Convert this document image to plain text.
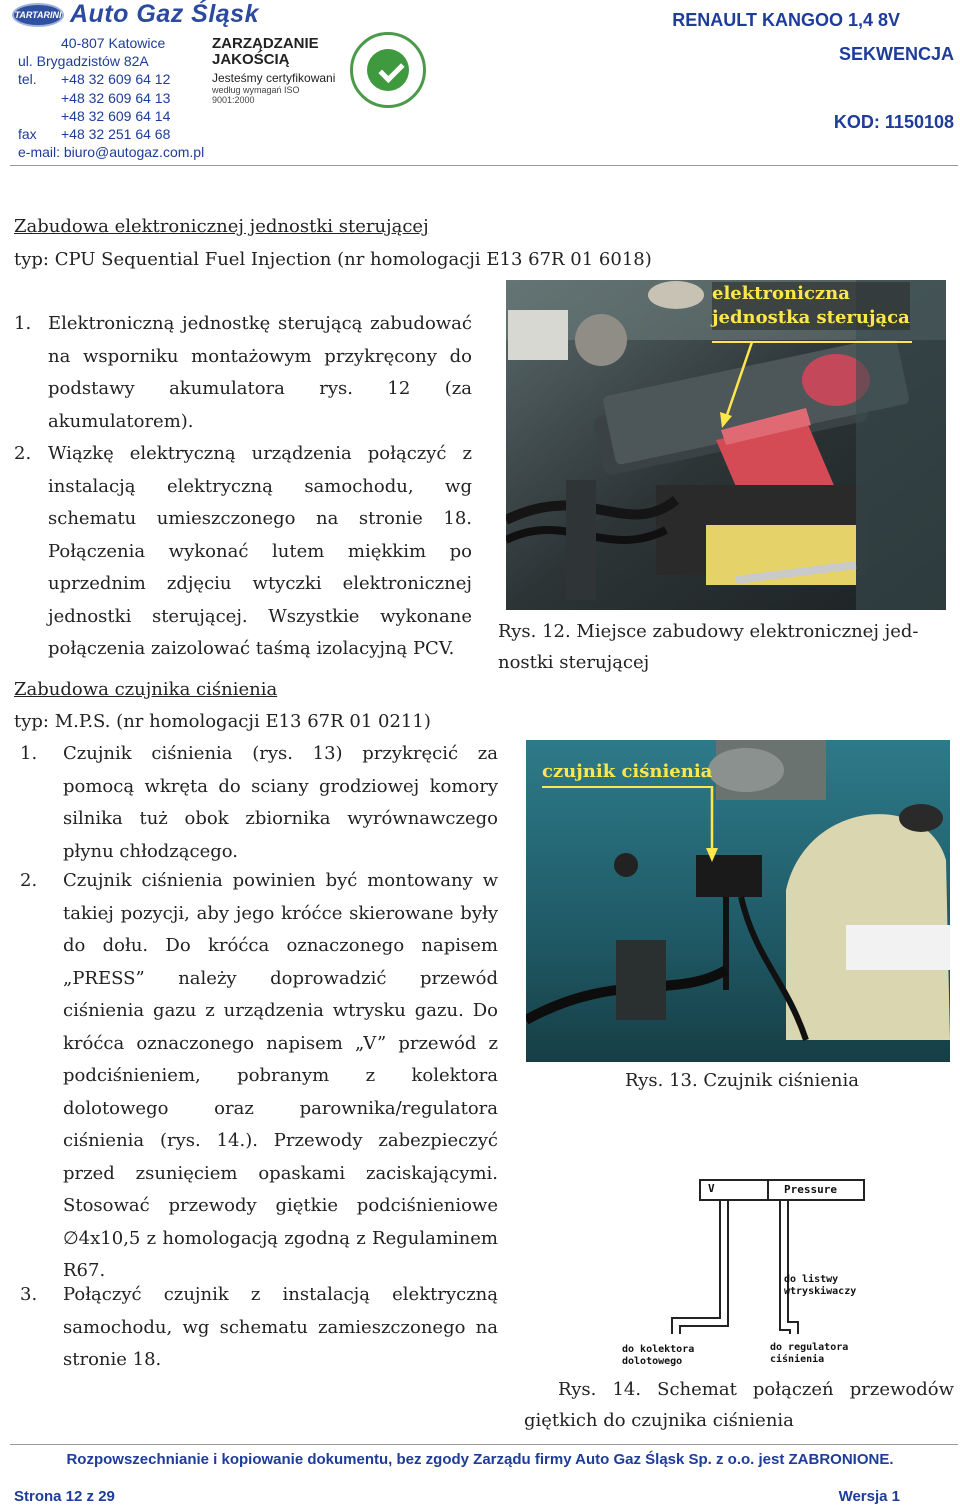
TARTARINI Auto Gaz Śląsk
40-807 Katowice
ul. Brygadzistów 82A
tel.	+48 32 609 64 12
+48 32 609 64 13
+48 32 609 64 14
fax	+48 32 251 64 68
e-mail: biuro@autogaz.com.pl
ZARZĄDZANIE
JAKOŚCIĄ
Jesteśmy certyfikowani
według wymagań ISO 9001:2000
RENAULT KANGOO 1,4 8V
SEKWENCJA
KOD: 1150108
Zabudowa elektronicznej jednostki sterującej
typ: CPU Sequential Fuel Injection (nr homologacji E13 67R 01 6018)
1. Elektroniczną jednostkę sterującą zabudować
na wsporniku montażowym przykręcony do
podstawy akumulatora rys. 12 (za
akumulatorem).
2. Wiązkę elektryczną urządzenia połączyć z
instalacją elektryczną samochodu, wg
schematu umieszczonego na stronie 18.
Połączenia wykonać lutem miękkim po
uprzednim zdjęciu wtyczki elektronicznej
jednostki sterującej. Wszystkie wykonane
połączenia zaizolować taśmą izolacyjną PCV.
Zabudowa czujnika ciśnienia
typ: M.P.S. (nr homologacji E13 67R 01 0211)
1.	Czujnik ciśnienia (rys. 13) przykręcić za
pomocą wkręta do sciany grodziowej komory
silnika tuż obok zbiornika wyrównawczego
płynu chłodzącego.
2.	Czujnik ciśnienia powinien być montowany w
takiej pozycji, aby jego króćce skierowane były
do dołu. Do króćca oznaczonego napisem
„PRESS” należy doprowadzić przewód
ciśnienia gazu z urządzenia wtrysku gazu. Do
króćca oznaczonego napisem „V” przewód z
podciśnieniem, pobranym z kolektora
dolotowego oraz parownika/regulatora
ciśnienia (rys. 14.). Przewody zabezpieczyć
przed zsunięciem opaskami zaciskającymi.
Stosować przewody giętkie podciśnieniowe
∅4x10,5 z homologacją zgodną z Regulaminem
R67.
3.	Połączyć czujnik z instalacją elektryczną
samochodu, wg schematu zamieszczonego na
stronie 18.
elektroniczna
jednostka sterująca
Rys. 12. Miejsce zabudowy elektronicznej jed-
nostki sterującej
czujnik ciśnienia
Rys. 13. Czujnik ciśnienia
V	Pressure
do listwy
wtryskiwaczy
do kolektora
dolotowego
do regulatora
ciśnienia
Rys. 14. Schemat połączeń przewodów
giętkich do czujnika ciśnienia
Rozpowszechnianie i kopiowanie dokumentu, bez zgody Zarządu firmy Auto Gaz Śląsk Sp. z o.o. jest ZABRONIONE.
Strona 12 z 29	Wersja 1
